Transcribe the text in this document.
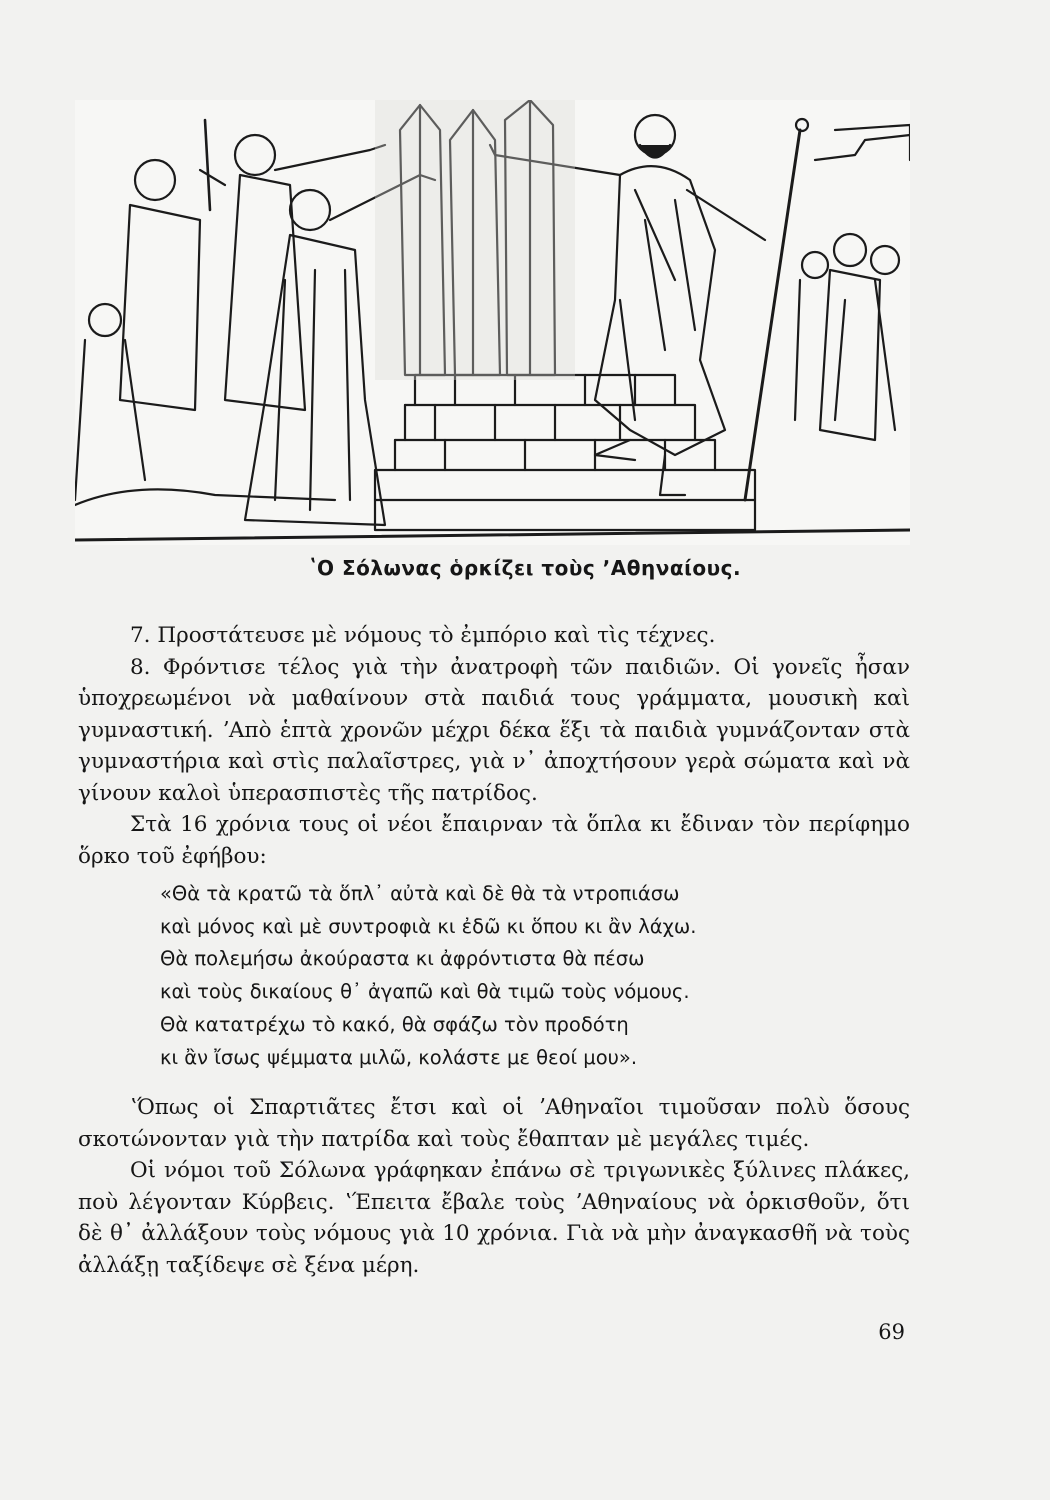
ʽΟ Σόλωνας ὁρκίζει τοὺς ʼΑθηναίους.

7. Προστάτευσε μὲ νόμους τὸ ἐμπόριο καὶ τὶς τέχνες.

8. Φρόντισε τέλος γιὰ τὴν ἀνατροφὴ τῶν παιδιῶν. Οἱ γονεῖς ἦσαν ὑποχρεωμένοι νὰ μαθαίνουν στὰ παιδιά τους γράμματα, μουσικὴ καὶ γυμναστική. ʼΑπὸ ἑπτὰ χρονῶν μέχρι δέκα ἕξι τὰ παιδιὰ γυμνάζονταν στὰ γυμναστήρια καὶ στὶς παλαῖστρες, γιὰ ν᾽ ἀποχτήσουν γερὰ σώματα καὶ νὰ γίνουν καλοὶ ὑπερασπιστὲς τῆς πατρίδος.

Στὰ 16 χρόνια τους οἱ νέοι ἔπαιρναν τὰ ὅπλα κι ἔδιναν τὸν περίφημο ὅρκο τοῦ ἐφήβου:

«Θὰ τὰ κρατῶ τὰ ὅπλ᾽ αὐτὰ καὶ δὲ θὰ τὰ ντροπιάσω
καὶ μόνος καὶ μὲ συντροφιὰ κι ἐδῶ κι ὅπου κι ἂν λάχω.
Θὰ πολεμήσω ἀκούραστα κι ἀφρόντιστα θὰ πέσω
καὶ τοὺς δικαίους θ᾽ ἀγαπῶ καὶ θὰ τιμῶ τοὺς νόμους.
Θὰ κατατρέχω τὸ κακό, θὰ σφάζω τὸν προδότη
κι ἂν ἴσως ψέμματα μιλῶ, κολάστε με θεοί μου».

ʽΌπως οἱ Σπαρτιᾶτες ἔτσι καὶ οἱ ʼΑθηναῖοι τιμοῦσαν πολὺ ὅσους σκοτώνονταν γιὰ τὴν πατρίδα καὶ τοὺς ἔθαπταν μὲ μεγάλες τιμές.

Οἱ νόμοι τοῦ Σόλωνα γράφηκαν ἐπάνω σὲ τριγωνικὲς ξύλινες πλάκες, ποὺ λέγονταν Κύρβεις. ʽΈπειτα ἔβαλε τοὺς ʼΑθηναίους νὰ ὁρκισθοῦν, ὅτι δὲ θ᾽ ἀλλάξουν τοὺς νόμους γιὰ 10 χρόνια. Γιὰ νὰ μὴν ἀναγκασθῆ νὰ τοὺς ἀλλάξῃ ταξίδεψε σὲ ξένα μέρη.

69
